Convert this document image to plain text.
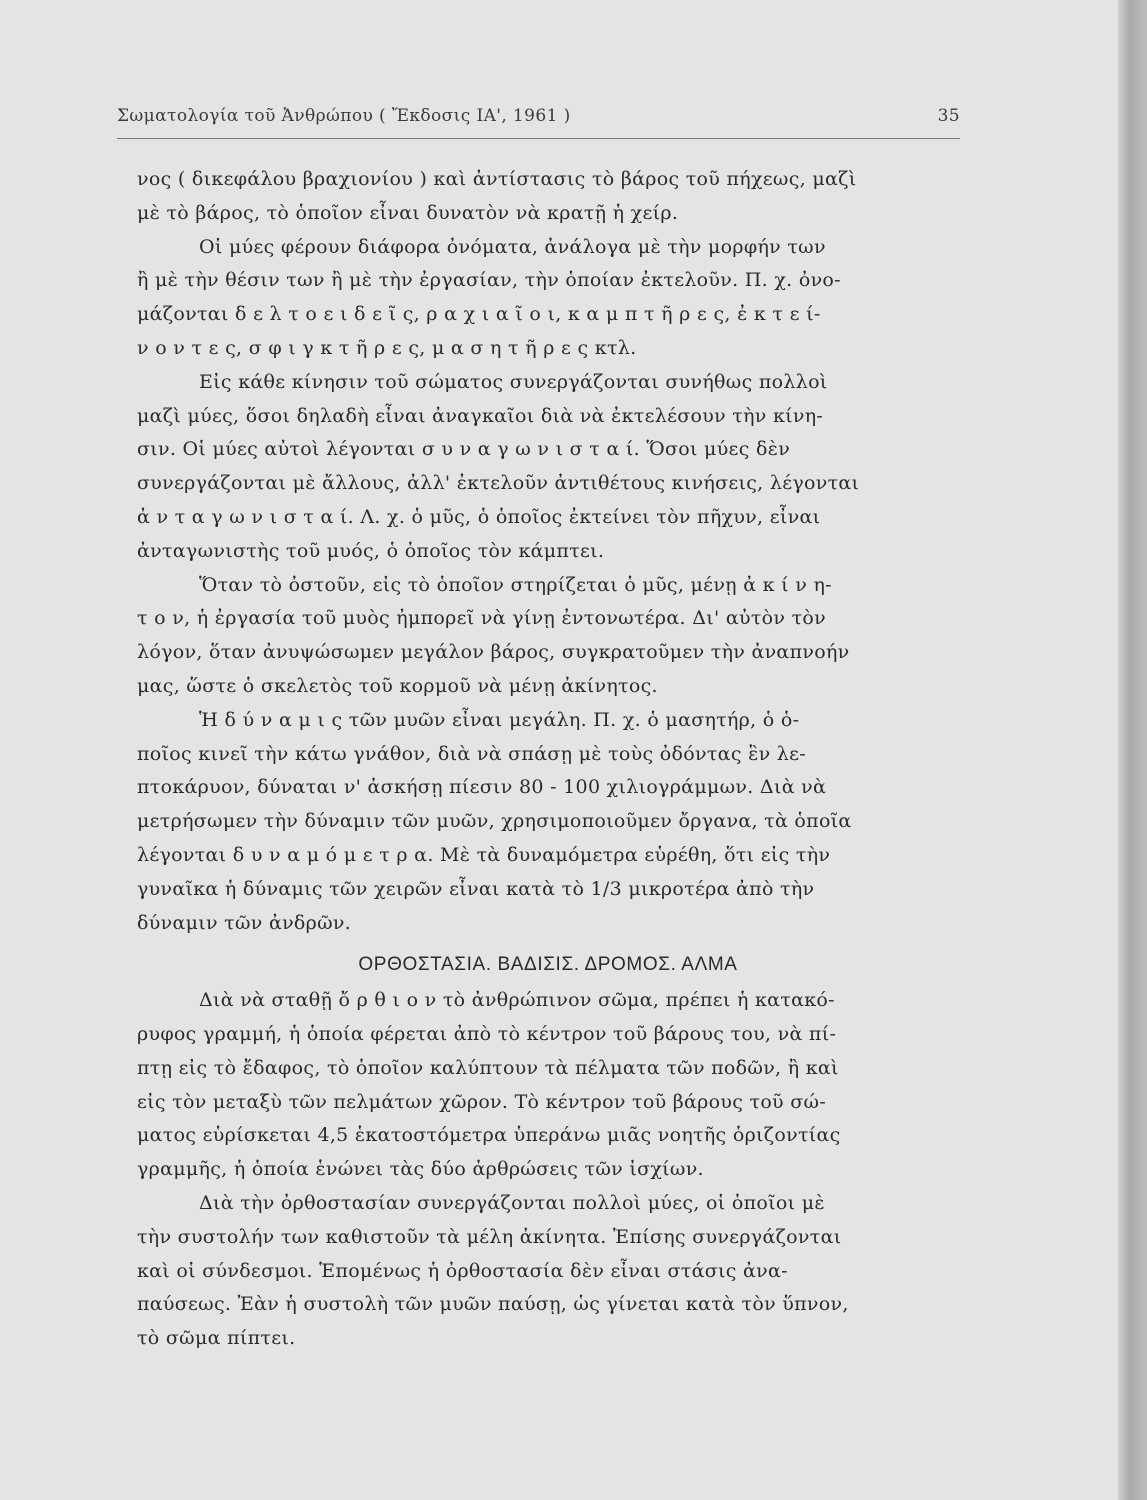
Σωματολογία τοῦ Ἀνθρώπου ( Ἔκδοσις ΙΑ', 1961 )	35
νος ( δικεφάλου βραχιονίου ) καὶ ἀντίστασις τὸ βάρος τοῦ πήχεως, μαζὶ
μὲ τὸ βάρος, τὸ ὁποῖον εἶναι δυνατὸν νὰ κρατῇ ἡ χείρ.
Οἱ μύες φέρουν διάφορα ὀνόματα, ἀνάλογα μὲ τὴν μορφήν των
ἢ μὲ τὴν θέσιν των ἢ μὲ τὴν ἐργασίαν, τὴν ὁποίαν ἐκτελοῦν. Π. χ. ὀνο-
μάζονται δ ε λ τ ο ε ι δ ε ῖ ς, ρ α χ ι α ῖ ο ι, κ α μ π τ ῆ ρ ε ς, ἐ κ τ ε ί-
ν ο ν τ ε ς, σ φ ι γ κ τ ῆ ρ ε ς, μ α σ η τ ῆ ρ ε ς κτλ.
Εἰς κάθε κίνησιν τοῦ σώματος συνεργάζονται συνήθως πολλοὶ
μαζὶ μύες, ὅσοι δηλαδὴ εἶναι ἀναγκαῖοι διὰ νὰ ἐκτελέσουν τὴν κίνη-
σιν. Οἱ μύες αὐτοὶ λέγονται σ υ ν α γ ω ν ι σ τ α ί. Ὅσοι μύες δὲν
συνεργάζονται μὲ ἄλλους, ἀλλ' ἐκτελοῦν ἀντιθέτους κινήσεις, λέγονται
ἀ ν τ α γ ω ν ι σ τ α ί. Λ. χ. ὁ μῦς, ὁ ὁποῖος ἐκτείνει τὸν πῆχυν, εἶναι
ἀνταγωνιστὴς τοῦ μυός, ὁ ὁποῖος τὸν κάμπτει.
Ὅταν τὸ ὀστοῦν, εἰς τὸ ὁποῖον στηρίζεται ὁ μῦς, μένῃ ἀ κ ί ν η-
τ ο ν, ἡ ἐργασία τοῦ μυὸς ἠμπορεῖ νὰ γίνῃ ἐντονωτέρα. Δι' αὐτὸν τὸν
λόγον, ὅταν ἀνυψώσωμεν μεγάλον βάρος, συγκρατοῦμεν τὴν ἀναπνοήν
μας, ὥστε ὁ σκελετὸς τοῦ κορμοῦ νὰ μένῃ ἀκίνητος.
Ἡ δ ύ ν α μ ι ς τῶν μυῶν εἶναι μεγάλη. Π. χ. ὁ μασητήρ, ὁ ὁ-
ποῖος κινεῖ τὴν κάτω γνάθον, διὰ νὰ σπάσῃ μὲ τοὺς ὀδόντας ἓν λε-
πτοκάρυον, δύναται ν' ἀσκήσῃ πίεσιν 80 - 100 χιλιογράμμων. Διὰ νὰ
μετρήσωμεν τὴν δύναμιν τῶν μυῶν, χρησιμοποιοῦμεν ὄργανα, τὰ ὁποῖα
λέγονται δ υ ν α μ ό μ ε τ ρ α. Μὲ τὰ δυναμόμετρα εὑρέθη, ὅτι εἰς τὴν
γυναῖκα ἡ δύναμις τῶν χειρῶν εἶναι κατὰ τὸ 1/3 μικροτέρα ἀπὸ τὴν
δύναμιν τῶν ἀνδρῶν.
ΟΡΘΟΣΤΑΣΙΑ. ΒΑΔΙΣΙΣ. ΔΡΟΜΟΣ. ΑΛΜΑ
Διὰ νὰ σταθῇ ὄ ρ θ ι ο ν τὸ ἀνθρώπινον σῶμα, πρέπει ἡ κατακό-
ρυφος γραμμή, ἡ ὁποία φέρεται ἀπὸ τὸ κέντρον τοῦ βάρους του, νὰ πί-
πτῃ εἰς τὸ ἔδαφος, τὸ ὁποῖον καλύπτουν τὰ πέλματα τῶν ποδῶν, ἢ καὶ
εἰς τὸν μεταξὺ τῶν πελμάτων χῶρον. Τὸ κέντρον τοῦ βάρους τοῦ σώ-
ματος εὑρίσκεται 4,5 ἑκατοστόμετρα ὑπεράνω μιᾶς νοητῆς ὁριζοντίας
γραμμῆς, ἡ ὁποία ἑνώνει τὰς δύο ἀρθρώσεις τῶν ἰσχίων.
Διὰ τὴν ὀρθοστασίαν συνεργάζονται πολλοὶ μύες, οἱ ὁποῖοι μὲ
τὴν συστολήν των καθιστοῦν τὰ μέλη ἀκίνητα. Ἐπίσης συνεργάζονται
καὶ οἱ σύνδεσμοι. Ἑπομένως ἡ ὀρθοστασία δὲν εἶναι στάσις ἀνα-
παύσεως. Ἐὰν ἡ συστολὴ τῶν μυῶν παύσῃ, ὡς γίνεται κατὰ τὸν ὕπνον,
τὸ σῶμα πίπτει.
